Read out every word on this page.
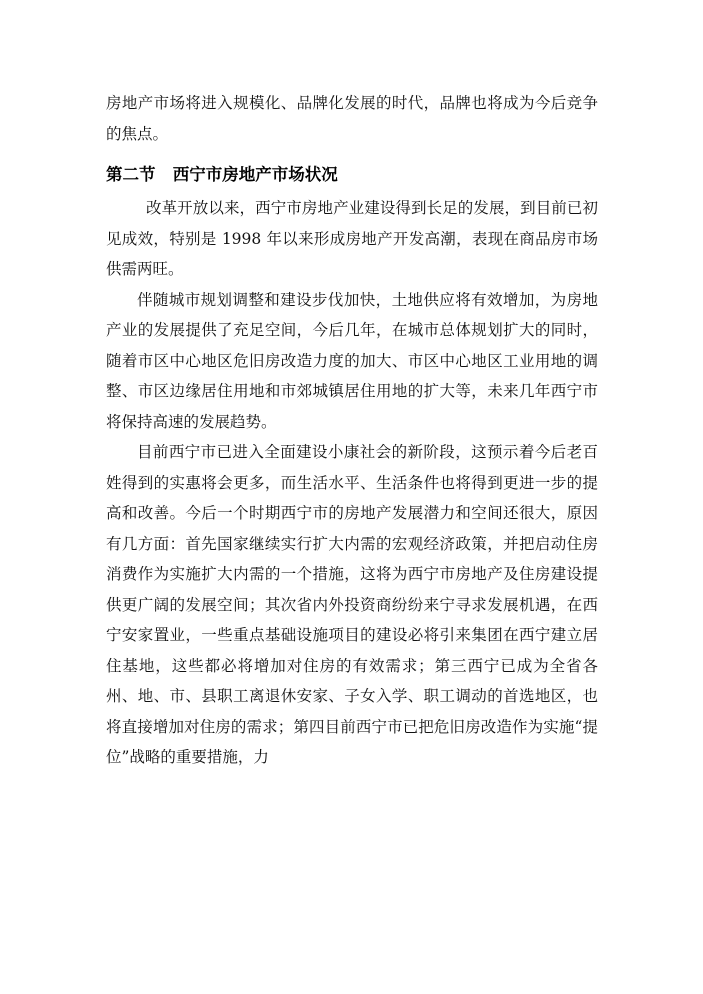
房地产市场将进入规模化、品牌化发展的时代，品牌也将成为今后竞争的焦点。

第二节   西宁市房地产市场状况

改革开放以来，西宁市房地产业建设得到长足的发展，到目前已初见成效，特别是 1998 年以来形成房地产开发高潮，表现在商品房市场供需两旺。

伴随城市规划调整和建设步伐加快，土地供应将有效增加，为房地产业的发展提供了充足空间，今后几年，在城市总体规划扩大的同时，随着市区中心地区危旧房改造力度的加大、市区中心地区工业用地的调整、市区边缘居住用地和市郊城镇居住用地的扩大等，未来几年西宁市将保持高速的发展趋势。

目前西宁市已进入全面建设小康社会的新阶段，这预示着今后老百姓得到的实惠将会更多，而生活水平、生活条件也将得到更进一步的提高和改善。今后一个时期西宁市的房地产发展潜力和空间还很大，原因有几方面：首先国家继续实行扩大内需的宏观经济政策，并把启动住房消费作为实施扩大内需的一个措施，这将为西宁市房地产及住房建设提供更广阔的发展空间；其次省内外投资商纷纷来宁寻求发展机遇，在西宁安家置业，一些重点基础设施项目的建设必将引来集团在西宁建立居住基地，这些都必将增加对住房的有效需求；第三西宁已成为全省各州、地、市、县职工离退休安家、子女入学、职工调动的首选地区，也将直接增加对住房的需求；第四目前西宁市已把危旧房改造作为实施“提位”战略的重要措施，力
